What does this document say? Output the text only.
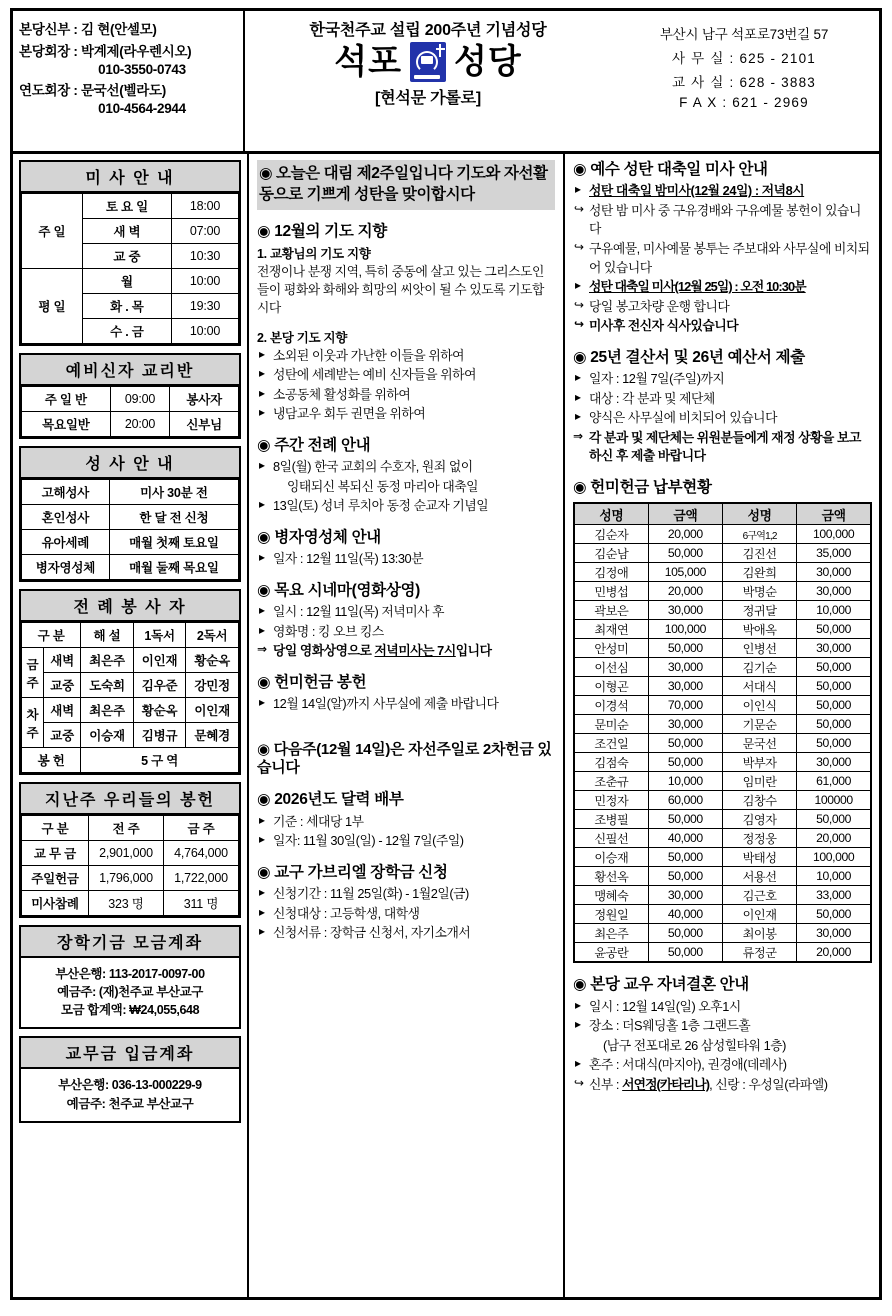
본당신부 : 김 현(안셀모)
본당회장 : 박계제(라우렌시오)
010-3550-0743
연도회장 : 문국선(벨라도)
010-4564-2944
한국천주교 설립 200주년 기념성당
석포 성당
[현석문 가롤로]
부산시 남구 석포로73번길 57
사 무 실 : 625 - 2101
교 사 실 : 628 - 3883
F A X : 621 - 2969
미 사 안 내
주 일	토 요 일	18:00
	새 벽	07:00
	교 중	10:30
평 일	월	10:00
	화 . 목	19:30
	수 . 금	10:00
예비신자 교리반
주 일 반	09:00	봉사자
목요일반	20:00	신부님
성 사 안 내
고해성사	미사 30분 전
혼인성사	한 달 전 신청
유아세례	매월 첫째 토요일
병자영성체	매월 둘째 목요일
전 례 봉 사 자
구 분		해 설	1독서	2독서
금주	새벽	최은주	이인재	황순옥
	교중	도숙희	김우준	강민정
차주	새벽	최은주	황순옥	이인재
	교중	이승재	김병규	문혜경
봉 헌		5 구 역		
지난주 우리들의 봉헌
구 분	전 주	금 주
교 무 금	2,901,000	4,764,000
주일헌금	1,796,000	1,722,000
미사참례	323 명	311 명
장학기금 모금계좌
부산은행: 113-2017-0097-00
예금주: (재)천주교 부산교구
모금 합계액: ₩24,055,648
교무금 입금계좌
부산은행: 036-13-000229-9
예금주: 천주교 부산교구
◉ 오늘은 대림 제2주일입니다 기도와 자선활동으로 기쁘게 성탄을 맞이합시다
◉ 12월의 기도 지향
1. 교황님의 기도 지향
전쟁이나 분쟁 지역, 특히 중동에 살고 있는 그리스도인들이 평화와 화해와 희망의 씨앗이 될 수 있도록 기도합시다
2. 본당 기도 지향
▸ 소외된 이웃과 가난한 이들을 위하여
▸ 성탄에 세례받는 예비 신자들을 위하여
▸ 소공동체 활성화를 위하여
▸ 냉담교우 회두 권면을 위하여
◉ 주간 전례 안내
▸ 8일(월) 한국 교회의 수호자, 원죄 없이
잉태되신 복되신 동정 마리아 대축일
▸ 13일(토) 성녀 루치아 동정 순교자 기념일
◉ 병자영성체 안내
▸ 일자 : 12월 11일(목) 13:30분
◉ 목요 시네마(영화상영)
▸ 일시 : 12월 11일(목) 저녁미사 후
▸ 영화명 : 킹 오브 킹스
⇒ 당일 영화상영으로 저녁미사는 7시입니다
◉ 헌미헌금 봉헌
▸ 12월 14일(알)까지 사무실에 제출 바랍니다
◉ 다음주(12월 14일)은 자선주일로 2차헌금 있습니다
◉ 2026년도 달력 배부
▸ 기준 : 세대당 1부
▸ 일자: 11월 30일(일) - 12월 7일(주일)
◉ 교구 가브리엘 장학금 신청
▸ 신청기간 : 11월 25일(화) - 1월2일(금)
▸ 신청대상 : 고등학생, 대학생
▸ 신청서류 : 장학금 신청서, 자기소개서
◉ 예수 성탄 대축일 미사 안내
▸ 성탄 대축일 밤미사(12월 24일) : 저녁8시
↪ 성탄 밤 미사 중 구유경배와 구유예물 봉헌이 있습니다
↪ 구유예물, 미사예물 봉투는 주보대와 사무실에 비치되어 있습니다
▸ 성탄 대축일 미사(12월 25일) : 오전 10:30분
↪ 당일 봉고차량 운행 합니다
↪ 미사후 전신자 식사있습니다
◉ 25년 결산서 및 26년 예산서 제출
▸ 일자 : 12월 7일(주일)까지
▸ 대상 : 각 분과 및 제단체
▸ 양식은 사무실에 비치되어 있습니다
⇒ 각 분과 및 제단체는 위원분들에게 재정 상황을 보고하신 후 제출 바랍니다
◉ 헌미헌금 납부현황
성명	금액	성명	금액
김순자	20,000	6구역1,2	100,000
김순남	50,000	김진선	35,000
김정애	105,000	김완희	30,000
민병섭	20,000	박명순	30,000
곽보은	30,000	정귀달	10,000
최재연	100,000	박애옥	50,000
안성미	50,000	인병선	30,000
이선심	30,000	김기순	50,000
이형곤	30,000	서대식	50,000
이경석	70,000	이인식	50,000
문미순	30,000	기문순	50,000
조건일	50,000	문국선	50,000
김점숙	50,000	박부자	30,000
조춘규	10,000	임미란	61,000
민정자	60,000	김창수	100000
조병필	50,000	김영자	50,000
신필선	40,000	정정웅	20,000
이승재	50,000	박태성	100,000
황선옥	50,000	서용선	10,000
맹혜숙	30,000	김근호	33,000
정원일	40,000	이인재	50,000
최은주	50,000	최이봉	30,000
윤공란	50,000	류정군	20,000
◉ 본당 교우 자녀결혼 안내
▸ 일시 : 12월 14일(일) 오후1시
▸ 장소 : 더S웨딩홀 1층 그랜드홀
(남구 전포대로 26 삼성힐타워 1층)
▸ 혼주 : 서대식(마지아), 권경애(데레사)
↪ 신부 : 서연정(카타리나), 신랑 : 우성일(라파엘)
